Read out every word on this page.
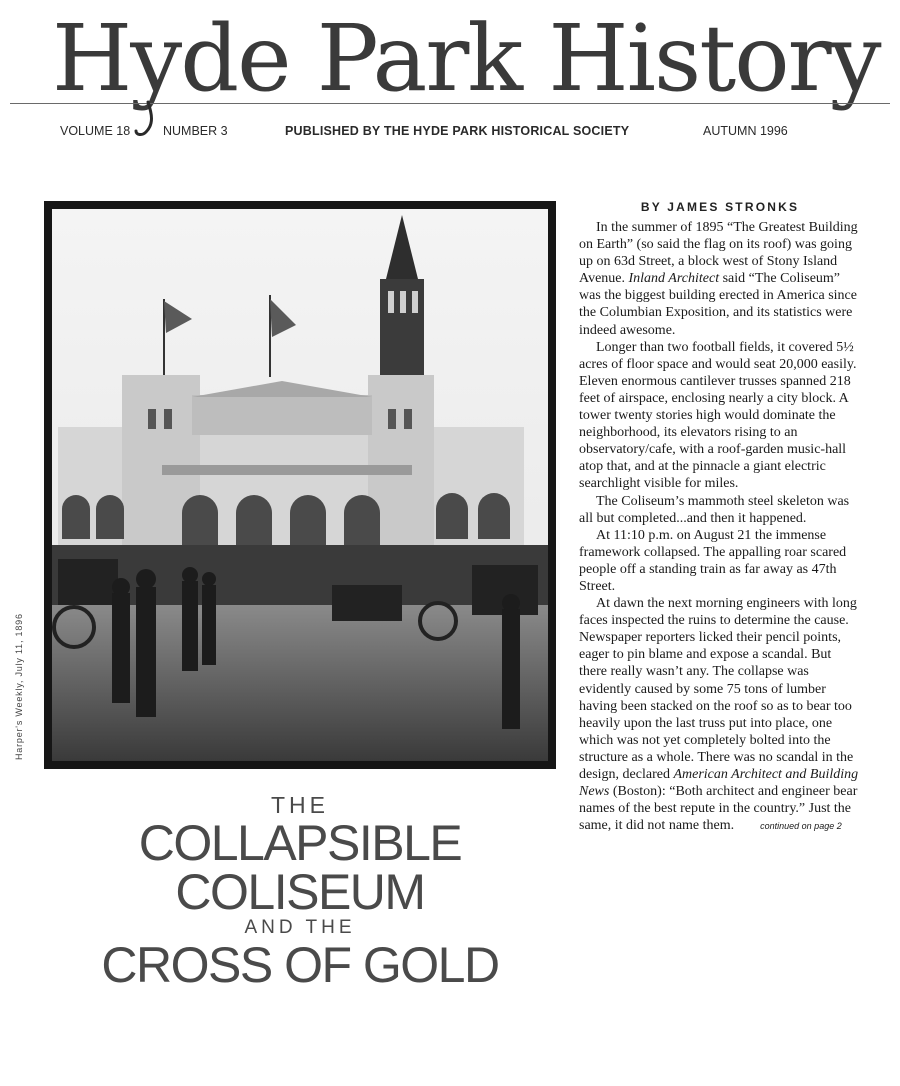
Hyde Park History
VOLUME 18	NUMBER 3	PUBLISHED BY THE HYDE PARK HISTORICAL SOCIETY	AUTUMN 1996
Harper's Weekly, July 11, 1896
THE
COLLAPSIBLE
COLISEUM
AND THE
CROSS OF GOLD
BY JAMES STRONKS

In the summer of 1895 “The Greatest Building on Earth” (so said the flag on its roof) was going up on 63d Street, a block west of Stony Island Avenue. Inland Architect said “The Coliseum” was the biggest building erected in America since the Columbian Exposition, and its statistics were indeed awesome.

Longer than two football fields, it covered 5½ acres of floor space and would seat 20,000 easily. Eleven enormous cantilever trusses spanned 218 feet of airspace, enclosing nearly a city block. A tower twenty stories high would dominate the neighborhood, its elevators rising to an observatory/cafe, with a roof-garden music-hall atop that, and at the pinnacle a giant electric searchlight visible for miles.

The Coliseum’s mammoth steel skeleton was all but completed...and then it happened.

At 11:10 p.m. on August 21 the immense framework collapsed. The appalling roar scared people off a standing train as far away as 47th Street.

At dawn the next morning engineers with long faces inspected the ruins to determine the cause. Newspaper reporters licked their pencil points, eager to pin blame and expose a scandal. But there really wasn’t any. The collapse was evidently caused by some 75 tons of lumber having been stacked on the roof so as to bear too heavily upon the last truss put into place, one which was not yet completely bolted into the structure as a whole. There was no scandal in the design, declared American Architect and Building News (Boston): “Both architect and engineer bear names of the best repute in the country.” Just the same, it did not name them.	continued on page 2
